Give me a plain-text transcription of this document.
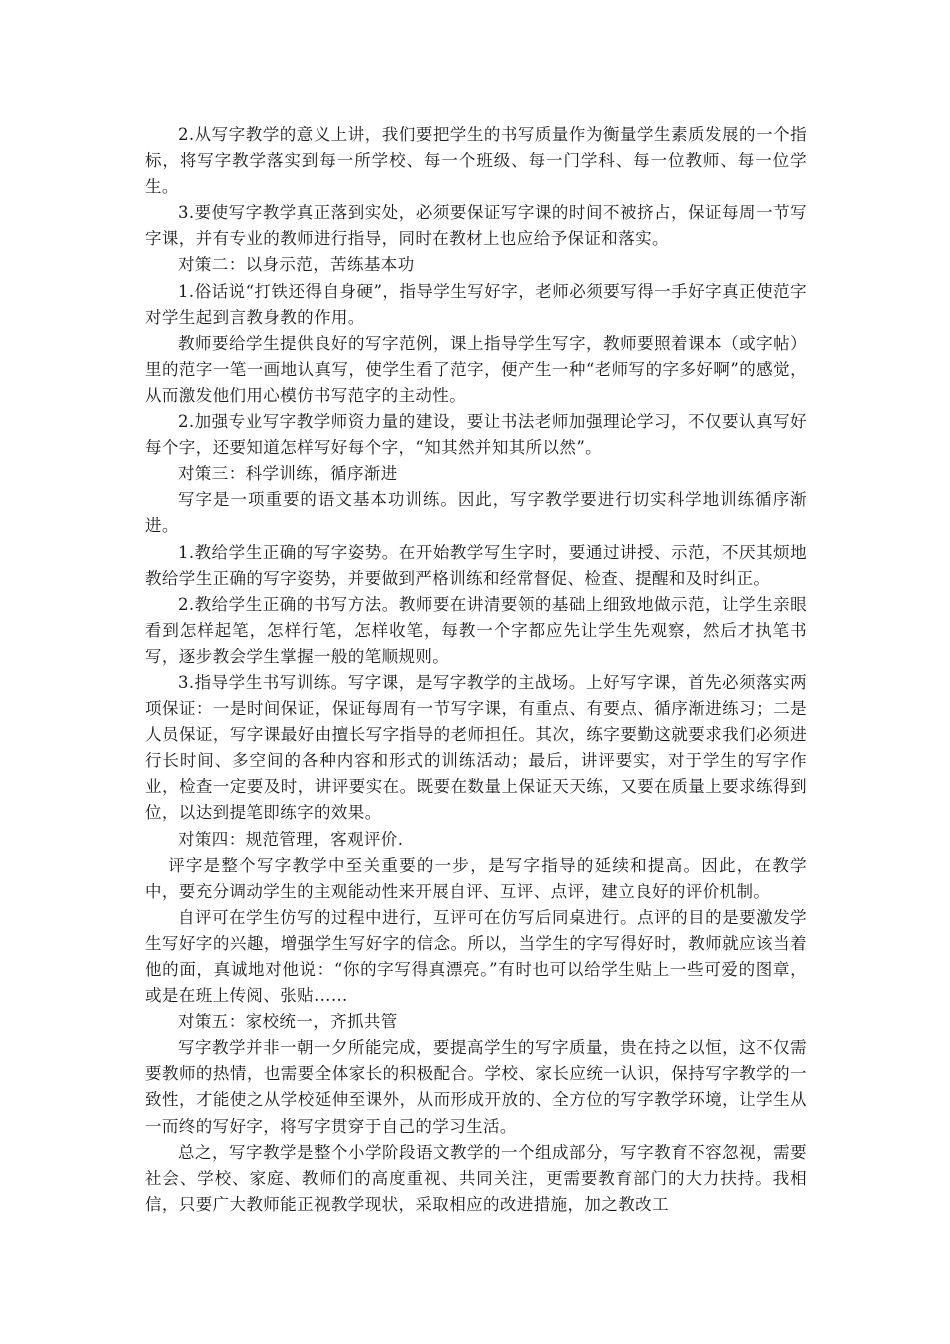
2.从写字教学的意义上讲，我们要把学生的书写质量作为衡量学生素质发展的一个指标，将写字教学落实到每一所学校、每一个班级、每一门学科、每一位教师、每一位学生。

3.要使写字教学真正落到实处，必须要保证写字课的时间不被挤占，保证每周一节写字课，并有专业的教师进行指导，同时在教材上也应给予保证和落实。

对策二：以身示范，苦练基本功

1.俗话说“打铁还得自身硬”，指导学生写好字，老师必须要写得一手好字真正使范字对学生起到言教身教的作用。

教师要给学生提供良好的写字范例，课上指导学生写字，教师要照着课本（或字帖）里的范字一笔一画地认真写，使学生看了范字，便产生一种“老师写的字多好啊”的感觉，从而激发他们用心模仿书写范字的主动性。

2.加强专业写字教学师资力量的建设，要让书法老师加强理论学习，不仅要认真写好每个字，还要知道怎样写好每个字，“知其然并知其所以然”。

对策三：科学训练，循序渐进

写字是一项重要的语文基本功训练。因此，写字教学要进行切实科学地训练循序渐进。

1.教给学生正确的写字姿势。在开始教学写生字时，要通过讲授、示范，不厌其烦地教给学生正确的写字姿势，并要做到严格训练和经常督促、检查、提醒和及时纠正。

2.教给学生正确的书写方法。教师要在讲清要领的基础上细致地做示范，让学生亲眼看到怎样起笔，怎样行笔，怎样收笔，每教一个字都应先让学生先观察，然后才执笔书写，逐步教会学生掌握一般的笔顺规则。

3.指导学生书写训练。写字课，是写字教学的主战场。上好写字课，首先必须落实两项保证：一是时间保证，保证每周有一节写字课，有重点、有要点、循序渐进练习；二是人员保证，写字课最好由擅长写字指导的老师担任。其次，练字要勤这就要求我们必须进行长时间、多空间的各种内容和形式的训练活动；最后，讲评要实，对于学生的写字作业，检查一定要及时，讲评要实在。既要在数量上保证天天练，又要在质量上要求练得到位，以达到提笔即练字的效果。

对策四：规范管理，客观评价.

评字是整个写字教学中至关重要的一步，是写字指导的延续和提高。因此，在教学中，要充分调动学生的主观能动性来开展自评、互评、点评，建立良好的评价机制。

自评可在学生仿写的过程中进行，互评可在仿写后同桌进行。点评的目的是要激发学生写好字的兴趣，增强学生写好字的信念。所以，当学生的字写得好时，教师就应该当着他的面，真诚地对他说：“你的字写得真漂亮。”有时也可以给学生贴上一些可爱的图章，或是在班上传阅、张贴……

对策五：家校统一，齐抓共管

写字教学并非一朝一夕所能完成，要提高学生的写字质量，贵在持之以恒，这不仅需要教师的热情，也需要全体家长的积极配合。学校、家长应统一认识，保持写字教学的一致性，才能使之从学校延伸至课外，从而形成开放的、全方位的写字教学环境，让学生从一而终的写好字，将写字贯穿于自己的学习生活。

总之，写字教学是整个小学阶段语文教学的一个组成部分，写字教育不容忽视，需要社会、学校、家庭、教师们的高度重视、共同关注，更需要教育部门的大力扶持。我相信，只要广大教师能正视教学现状，采取相应的改进措施，加之教改工
